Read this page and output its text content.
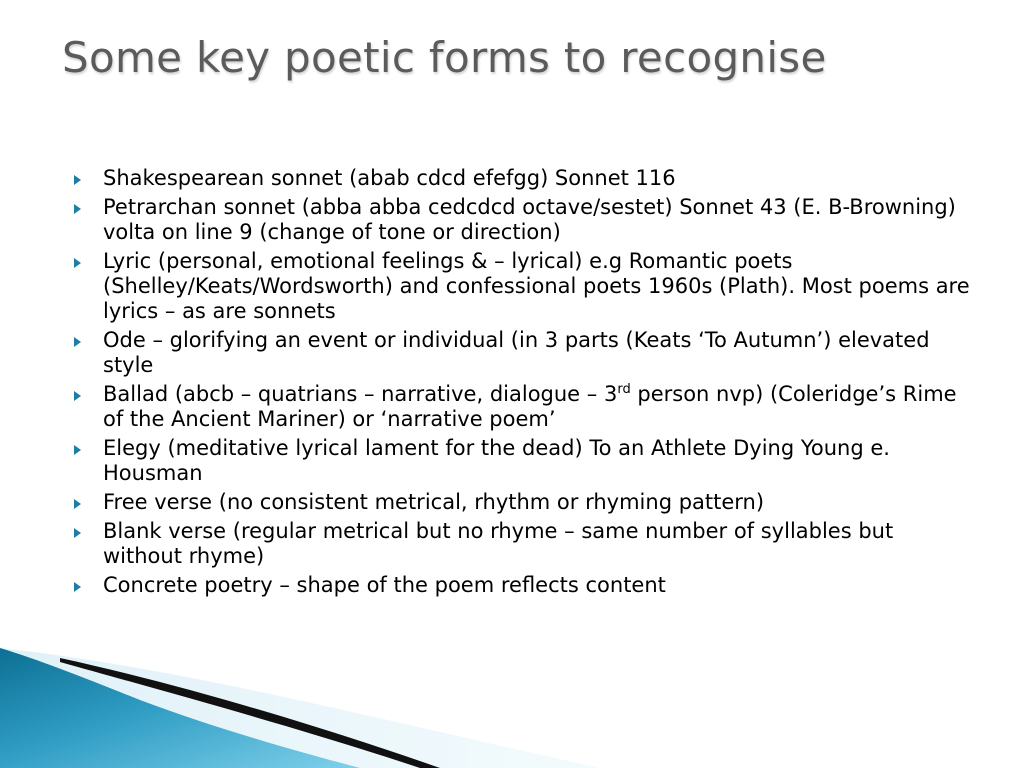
Some key poetic forms to recognise
Shakespearean sonnet (abab cdcd efefgg) Sonnet 116
Petrarchan sonnet (abba abba cedcdcd octave/sestet) Sonnet 43 (E. B-Browning) volta on line 9 (change of tone or direction)
Lyric (personal, emotional feelings & – lyrical) e.g Romantic poets (Shelley/Keats/Wordsworth) and confessional poets 1960s (Plath). Most poems are lyrics – as are sonnets
Ode – glorifying an event or individual (in 3 parts (Keats ‘To Autumn’) elevated style
Ballad (abcb – quatrians – narrative, dialogue – 3rd person nvp) (Coleridge’s Rime of the Ancient Mariner) or ‘narrative poem’
Elegy (meditative lyrical lament for the dead) To an Athlete Dying Young e. Housman
Free verse (no consistent metrical, rhythm or rhyming pattern)
Blank verse (regular metrical but no rhyme – same number of syllables but without rhyme)
Concrete poetry – shape of the poem reflects content
